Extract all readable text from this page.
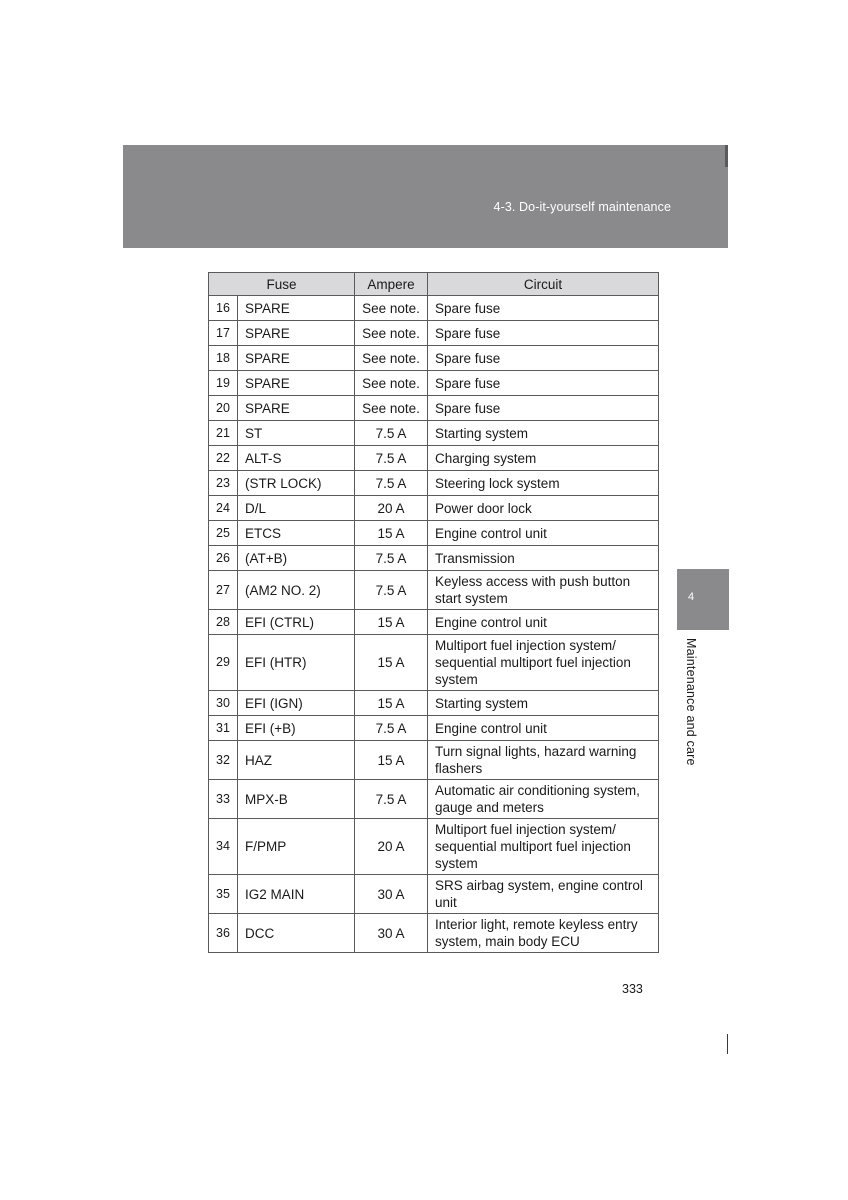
4-3. Do-it-yourself maintenance
Fuse		Ampere	Circuit
16	SPARE	See note.	Spare fuse
17	SPARE	See note.	Spare fuse
18	SPARE	See note.	Spare fuse
19	SPARE	See note.	Spare fuse
20	SPARE	See note.	Spare fuse
21	ST	7.5 A	Starting system
22	ALT-S	7.5 A	Charging system
23	(STR LOCK)	7.5 A	Steering lock system
24	D/L	20 A	Power door lock
25	ETCS	15 A	Engine control unit
26	(AT+B)	7.5 A	Transmission
27	(AM2 NO. 2)	7.5 A	Keyless access with push button start system
28	EFI (CTRL)	15 A	Engine control unit
29	EFI (HTR)	15 A	Multiport fuel injection system/ sequential multiport fuel injection system
30	EFI (IGN)	15 A	Starting system
31	EFI (+B)	7.5 A	Engine control unit
32	HAZ	15 A	Turn signal lights, hazard warning flashers
33	MPX-B	7.5 A	Automatic air conditioning system, gauge and meters
34	F/PMP	20 A	Multiport fuel injection system/ sequential multiport fuel injection system
35	IG2 MAIN	30 A	SRS airbag system, engine control unit
36	DCC	30 A	Interior light, remote keyless entry system, main body ECU
333
4
Maintenance and care
